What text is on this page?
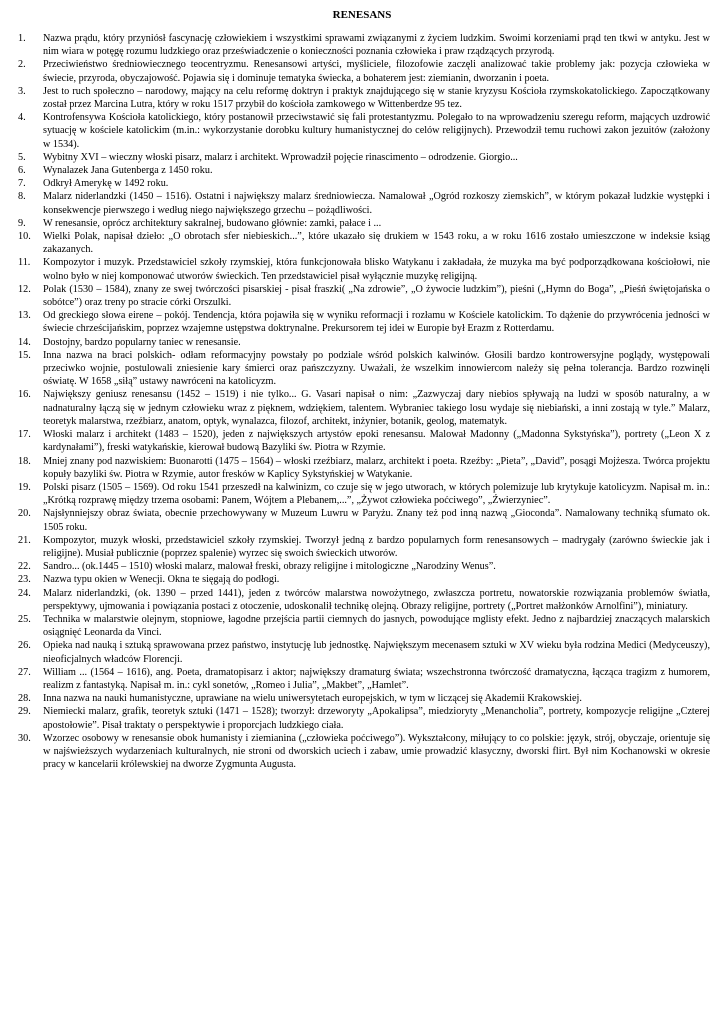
RENESANS
1. Nazwa prądu, który przyniósł fascynację człowiekiem i wszystkimi sprawami związanymi z życiem ludzkim. Swoimi korzeniami prąd ten tkwi w antyku. Jest w nim wiara w potęgę rozumu ludzkiego oraz przeświadczenie o konieczności poznania człowieka i praw rządzących przyrodą.
2. Przeciwieństwo średniowiecznego teocentryzmu. Renesansowi artyści, myśliciele, filozofowie zaczęli analizować takie problemy jak: pozycja człowieka w świecie, przyroda, obyczajowość. Pojawia się i dominuje tematyka świecka, a bohaterem jest: ziemianin, dworzanin i poeta.
3. Jest to ruch społeczno – narodowy, mający na celu reformę doktryn i praktyk znajdującego się w stanie kryzysu Kościoła rzymskokatolickiego. Zapoczątkowany został przez Marcina Lutra, który w roku 1517 przybił do kościoła zamkowego w Wittenberdze 95 tez.
4. Kontrofensywa Kościoła katolickiego, który postanowił przeciwstawić się fali protestantyzmu. Polegało to na wprowadzeniu szeregu reform, mających uzdrowić sytuację w kościele katolickim (m.in.: wykorzystanie dorobku kultury humanistycznej do celów religijnych). Przewodził temu ruchowi zakon jezuitów (założony w 1534).
5. Wybitny XVI – wieczny włoski pisarz, malarz i architekt. Wprowadził pojęcie rinascimento – odrodzenie. Giorgio...
6. Wynalazek Jana Gutenberga z 1450 roku.
7. Odkrył Amerykę w 1492 roku.
8. Malarz niderlandzki (1450 – 1516). Ostatni i największy malarz średniowiecza. Namalował „Ogród rozkoszy ziemskich”, w którym pokazał ludzkie występki i konsekwencje pierwszego i według niego największego grzechu – pożądliwości.
9. W renesansie, oprócz architektury sakralnej, budowano głównie: zamki, pałace i ...
10. Wielki Polak, napisał dzieło: „O obrotach sfer niebieskich...”, które ukazało się drukiem w 1543 roku, a w roku 1616 zostało umieszczone w indeksie ksiąg zakazanych.
11. Kompozytor i muzyk. Przedstawiciel szkoły rzymskiej, która funkcjonowała blisko Watykanu i zakładała, że muzyka ma być podporządkowana kościołowi, nie wolno było w niej komponować utworów świeckich. Ten przedstawiciel pisał wyłącznie muzykę religijną.
12. Polak (1530 – 1584), znany ze swej twórczości pisarskiej - pisał fraszki( „Na zdrowie”, „O żywocie ludzkim”), pieśni („Hymn do Boga”, „Pieśń świętojańska o sobótce”) oraz treny po stracie córki Orszulki.
13. Od greckiego słowa eirene – pokój. Tendencja, która pojawiła się w wyniku reformacji i rozłamu w Kościele katolickim. To dążenie do przywrócenia jedności w świecie chrześcijańskim, poprzez wzajemne ustępstwa doktrynalne. Prekursorem tej idei w Europie był Erazm z Rotterdamu.
14. Dostojny, bardzo popularny taniec w renesansie.
15. Inna nazwa na braci polskich- odłam reformacyjny powstały po podziale wśród polskich kalwinów. Głosili bardzo kontrowersyjne poglądy, występowali przeciwko wojnie, postulowali zniesienie kary śmierci oraz pańszczyzny. Uważali, że wszelkim innowiercom należy się pełna tolerancja. Bardzo rozwinęli oświatę. W 1658 „siłą” ustawy nawróceni na katolicyzm.
16. Największy geniusz renesansu (1452 – 1519) i nie tylko... G. Vasari napisał o nim: „Zazwyczaj dary niebios spływają na ludzi w sposób naturalny, a w nadnaturalny łączą się w jednym człowieku wraz z pięknem, wdziękiem, talentem. Wybraniec takiego losu wydaje się niebiański, a inni zostają w tyle.” Malarz, teoretyk malarstwa, rzeźbiarz, anatom, optyk, wynalazca, filozof, architekt, inżynier, botanik, geolog, matematyk.
17. Włoski malarz i architekt (1483 – 1520), jeden z największych artystów epoki renesansu. Malował Madonny („Madonna Sykstyńska”), portrety („Leon X z kardynałami”), freski watykańskie, kierował budową Bazyliki św. Piotra w Rzymie.
18. Mniej znany pod nazwiskiem: Buonarotti (1475 – 1564) – włoski rzeźbiarz, malarz, architekt i poeta. Rzeźby: „Pieta”, „David”, posągi Mojżesza. Twórca projektu kopuły bazyliki św. Piotra w Rzymie, autor fresków w Kaplicy Sykstyńskiej w Watykanie.
19. Polski pisarz (1505 – 1569). Od roku 1541 przeszedł na kalwinizm, co czuje się w jego utworach, w których polemizuje lub krytykuje katolicyzm. Napisał m. in.: „Krótką rozprawę między trzema osobami: Panem, Wójtem a Plebanem,...”, „Żywot człowieka poćciwego”, „Źwierzyniec”.
20. Najsłynniejszy obraz świata, obecnie przechowywany w Muzeum Luwru w Paryżu. Znany też pod inną nazwą „Gioconda”. Namalowany techniką sfumato ok. 1505 roku.
21. Kompozytor, muzyk włoski, przedstawiciel szkoły rzymskiej. Tworzył jedną z bardzo popularnych form renesansowych – madrygały (zarówno świeckie jak i religijne). Musiał publicznie (poprzez spalenie) wyrzec się swoich świeckich utworów.
22. Sandro... (ok.1445 – 1510) włoski malarz, malował freski, obrazy religijne i mitologiczne „Narodziny Wenus”.
23. Nazwa typu okien w Wenecji. Okna te sięgają do podłogi.
24. Malarz niderlandzki, (ok. 1390 – przed 1441), jeden z twórców malarstwa nowożytnego, zwłaszcza portretu, nowatorskie rozwiązania problemów światła, perspektywy, ujmowania i powiązania postaci z otoczenie, udoskonalił technikę olejną. Obrazy religijne, portrety („Portret małżonków Arnolfini”), miniatury.
25. Technika w malarstwie olejnym, stopniowe, łagodne przejścia partii ciemnych do jasnych, powodujące mglisty efekt. Jedno z najbardziej znaczących malarskich osiągnięć Leonarda da Vinci.
26. Opieka nad nauką i sztuką sprawowana przez państwo, instytucję lub jednostkę. Największym mecenasem sztuki w XV wieku była rodzina Medici (Medyceuszy), nieoficjalnych władców Florencji.
27. William ... (1564 – 1616), ang. Poeta, dramatopisarz i aktor; największy dramaturg świata; wszechstronna twórczość dramatyczna, łącząca tragizm z humorem, realizm z fantastyką. Napisał m. in.: cykl sonetów, „Romeo i Julia”, „Makbet”, „Hamlet”.
28. Inna nazwa na nauki humanistyczne, uprawiane na wielu uniwersytetach europejskich, w tym w liczącej się Akademii Krakowskiej.
29. Niemiecki malarz, grafik, teoretyk sztuki (1471 – 1528); tworzył: drzeworyty „Apokalipsa”, miedzioryty „Menancholia”, portrety, kompozycje religijne „Czterej apostołowie”. Pisał traktaty o perspektywie i proporcjach ludzkiego ciała.
30. Wzorzec osobowy w renesansie obok humanisty i ziemianina („człowieka poćciwego”). Wykształcony, miłujący to co polskie: język, strój, obyczaje, orientuje się w najświeższych wydarzeniach kulturalnych, nie stroni od dworskich uciech i zabaw, umie prowadzić klasyczny, dworski flirt. Był nim Kochanowski w okresie pracy w kancelarii królewskiej na dworze Zygmunta Augusta.
